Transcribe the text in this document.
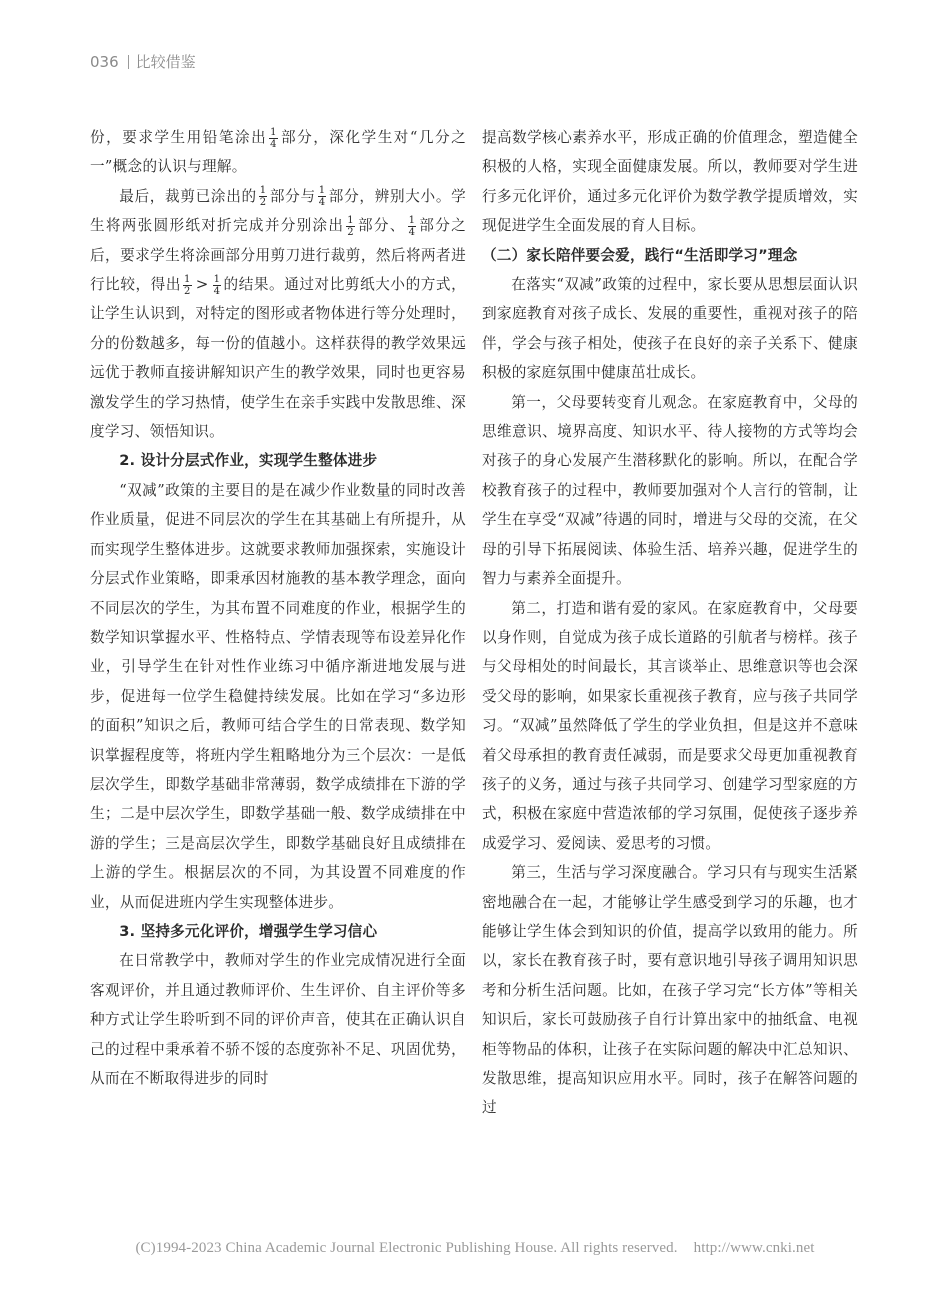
036 比较借鉴

份，要求学生用铅笔涂出 $\frac{1}{4}$ 部分，深化学生对“几分之一”概念的认识与理解。

最后，裁剪已涂出的 $\frac{1}{2}$ 部分与 $\frac{1}{4}$ 部分，辨别大小。学生将两张圆形纸对折完成并分别涂出 $\frac{1}{2}$ 部分、 $\frac{1}{4}$ 部分之后，要求学生将涂画部分用剪刀进行裁剪，然后将两者进行比较，得出 $\frac{1}{2} > \frac{1}{4}$ 的结果。通过对比剪纸大小的方式，让学生认识到，对特定的图形或者物体进行等分处理时，分的份数越多，每一份的值越小。这样获得的教学效果远远优于教师直接讲解知识产生的教学效果，同时也更容易激发学生的学习热情，使学生在亲手实践中发散思维、深度学习、领悟知识。

2. 设计分层式作业，实现学生整体进步

“双减”政策的主要目的是在减少作业数量的同时改善作业质量，促进不同层次的学生在其基础上有所提升，从而实现学生整体进步。这就要求教师加强探索，实施设计分层式作业策略，即秉承因材施教的基本教学理念，面向不同层次的学生，为其布置不同难度的作业，根据学生的数学知识掌握水平、性格特点、学情表现等布设差异化作业，引导学生在针对性作业练习中循序渐进地发展与进步，促进每一位学生稳健持续发展。比如在学习“多边形的面积”知识之后，教师可结合学生的日常表现、数学知识掌握程度等，将班内学生粗略地分为三个层次：一是低层次学生，即数学基础非常薄弱，数学成绩排在下游的学生；二是中层次学生，即数学基础一般、数学成绩排在中游的学生；三是高层次学生，即数学基础良好且成绩排在上游的学生。根据层次的不同，为其设置不同难度的作业，从而促进班内学生实现整体进步。

3. 坚持多元化评价，增强学生学习信心

在日常教学中，教师对学生的作业完成情况进行全面客观评价，并且通过教师评价、生生评价、自主评价等多种方式让学生聆听到不同的评价声音，使其在正确认识自己的过程中秉承着不骄不馁的态度弥补不足、巩固优势，从而在不断取得进步的同时

提高数学核心素养水平，形成正确的价值理念，塑造健全积极的人格，实现全面健康发展。所以，教师要对学生进行多元化评价，通过多元化评价为数学教学提质增效，实现促进学生全面发展的育人目标。

（二）家长陪伴要会爱，践行“生活即学习”理念

在落实“双减”政策的过程中，家长要从思想层面认识到家庭教育对孩子成长、发展的重要性，重视对孩子的陪伴，学会与孩子相处，使孩子在良好的亲子关系下、健康积极的家庭氛围中健康茁壮成长。

第一，父母要转变育儿观念。在家庭教育中，父母的思维意识、境界高度、知识水平、待人接物的方式等均会对孩子的身心发展产生潜移默化的影响。所以，在配合学校教育孩子的过程中，教师要加强对个人言行的管制，让学生在享受“双减”待遇的同时，增进与父母的交流，在父母的引导下拓展阅读、体验生活、培养兴趣，促进学生的智力与素养全面提升。

第二，打造和谐有爱的家风。在家庭教育中，父母要以身作则，自觉成为孩子成长道路的引航者与榜样。孩子与父母相处的时间最长，其言谈举止、思维意识等也会深受父母的影响，如果家长重视孩子教育，应与孩子共同学习。“双减”虽然降低了学生的学业负担，但是这并不意味着父母承担的教育责任减弱，而是要求父母更加重视教育孩子的义务，通过与孩子共同学习、创建学习型家庭的方式，积极在家庭中营造浓郁的学习氛围，促使孩子逐步养成爱学习、爱阅读、爱思考的习惯。

第三，生活与学习深度融合。学习只有与现实生活紧密地融合在一起，才能够让学生感受到学习的乐趣，也才能够让学生体会到知识的价值，提高学以致用的能力。所以，家长在教育孩子时，要有意识地引导孩子调用知识思考和分析生活问题。比如，在孩子学习完“长方体”等相关知识后，家长可鼓励孩子自行计算出家中的抽纸盒、电视柜等物品的体积，让孩子在实际问题的解决中汇总知识、发散思维，提高知识应用水平。同时，孩子在解答问题的过

(C)1994-2023 China Academic Journal Electronic Publishing House. All rights reserved. http://www.cnki.net
